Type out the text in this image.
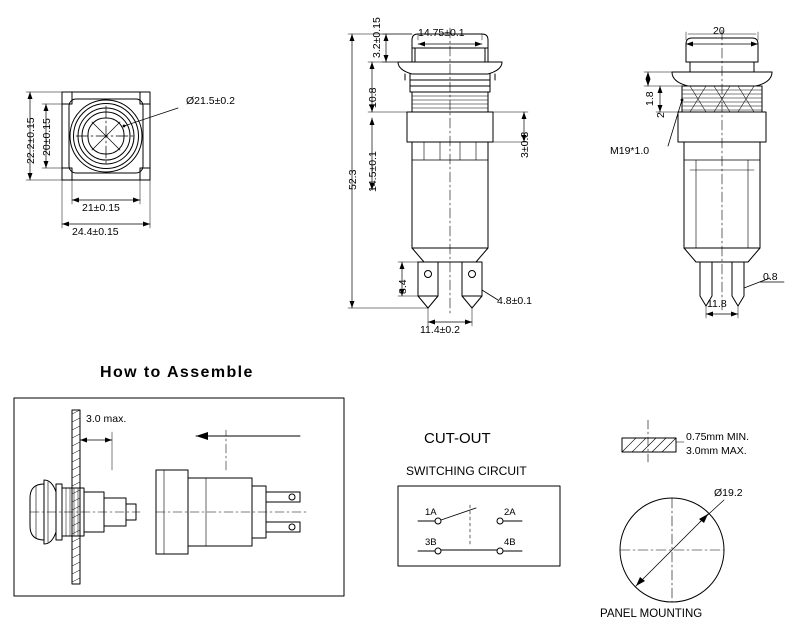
Ø21.5±0.2
22.2±0.15 20±0.15
21±0.15
24.4±0.15
3.2±0.15	14.75±0.1
10.8
14.5±0.1
52.3
3±0.3
8.4
4.8±0.1
11.4±0.2
20
1.8
2
M19*1.0
0.8
11.8
How to Assemble
CUT-OUT
SWITCHING CIRCUIT
PANEL MOUNTING
3.0 max.
1A	2A
3B	4B
0.75mm MIN.
3.0mm MAX.
Ø19.2
